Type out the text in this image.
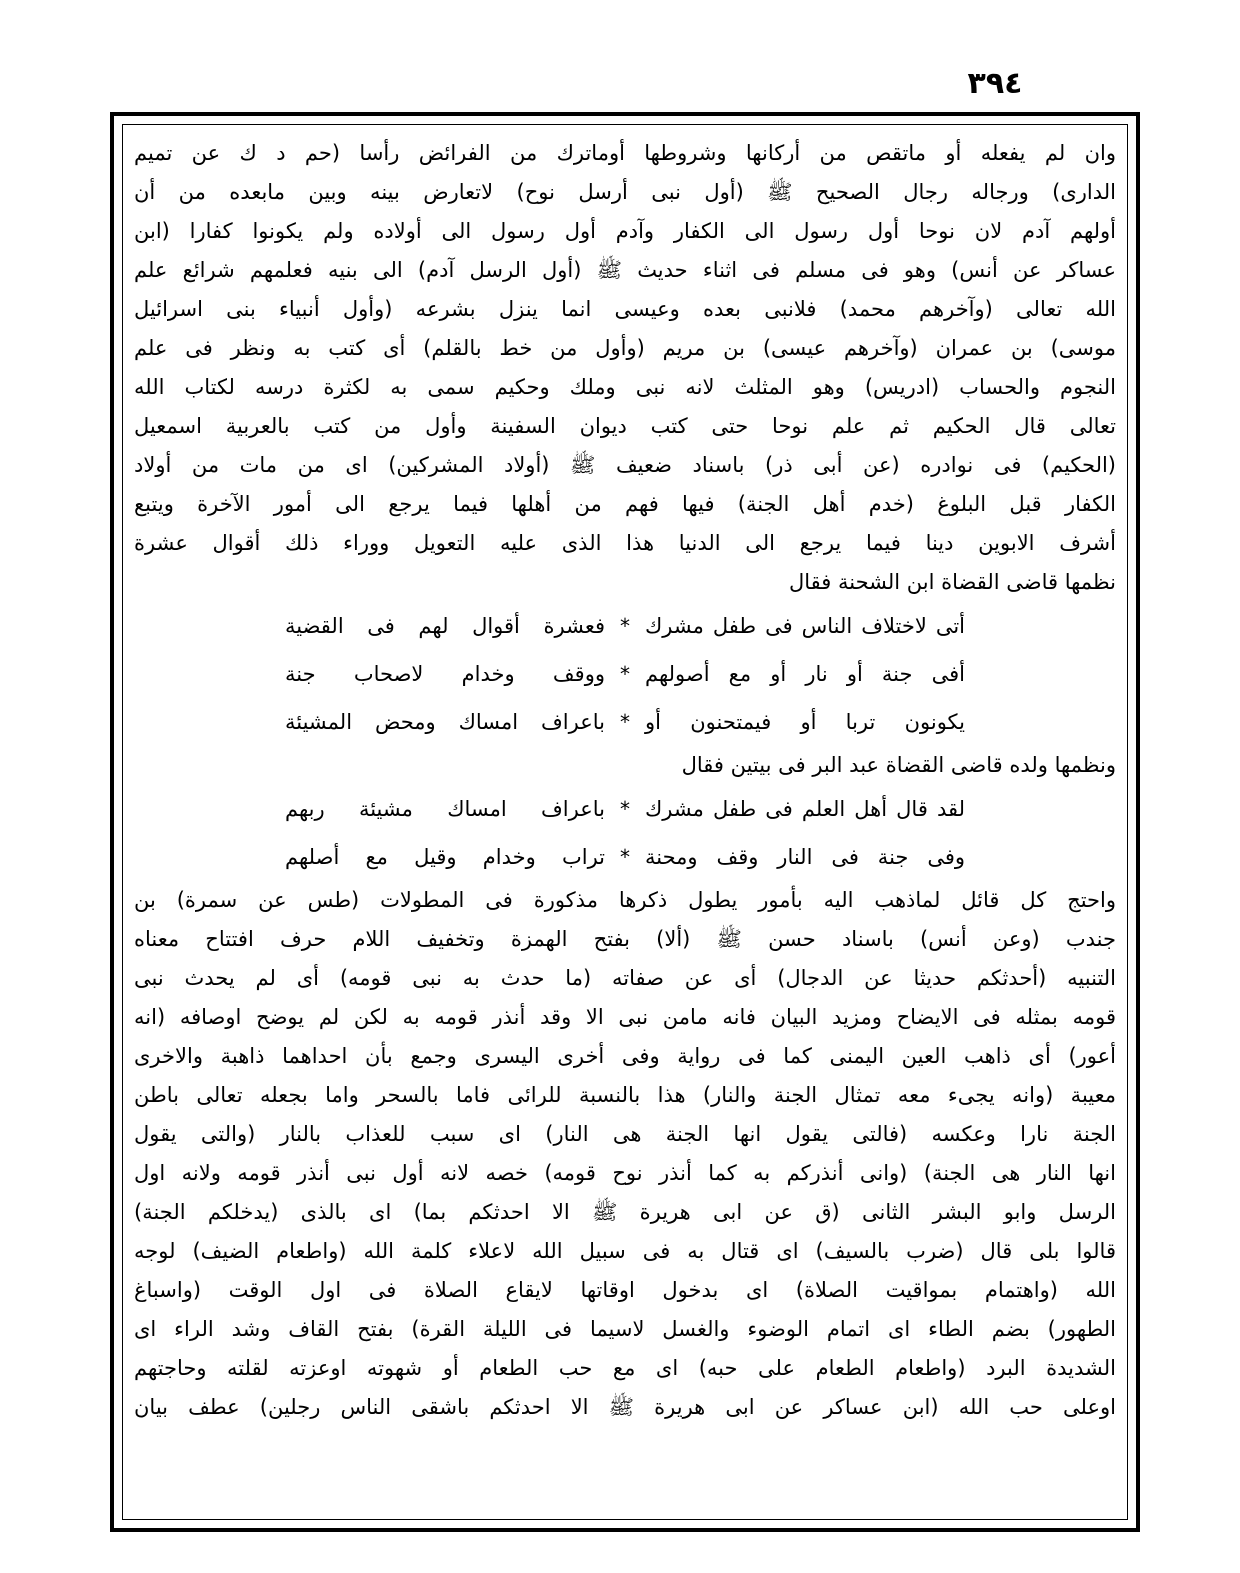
٣٩٤
وان لم يفعله أو ماتقص من أركانها وشروطها أوماترك من الفرائض رأسا (حم د ك عن تميم
الدارى) ورجاله رجال الصحيح ﷺ (أول نبى أرسل نوح) لاتعارض بينه وبين مابعده من أن
أولهم آدم لان نوحا أول رسول الى الكفار وآدم أول رسول الى أولاده ولم يكونوا كفارا (ابن
عساكر عن أنس) وهو فى مسلم فى اثناء حديث ﷺ (أول الرسل آدم) الى بنيه فعلمهم شرائع علم
الله تعالى (وآخرهم محمد) فلانبى بعده وعيسى انما ينزل بشرعه (وأول أنبياء بنى اسرائيل
موسى) بن عمران (وآخرهم عيسى) بن مريم (وأول من خط بالقلم) أى كتب به ونظر فى علم
النجوم والحساب (ادريس) وهو المثلث لانه نبى وملك وحكيم سمى به لكثرة درسه لكتاب الله
تعالى قال الحكيم ثم علم نوحا حتى كتب ديوان السفينة وأول من كتب بالعربية اسمعيل
(الحكيم) فى نوادره (عن أبى ذر) باسناد ضعيف ﷺ (أولاد المشركين) اى من مات من أولاد
الكفار قبل البلوغ (خدم أهل الجنة) فيها فهم من أهلها فيما يرجع الى أمور الآخرة ويتبع
أشرف الابوين دينا فيما يرجع الى الدنيا هذا الذى عليه التعويل ووراء ذلك أقوال عشرة
نظمها قاضى القضاة ابن الشحنة فقال
أتى لاختلاف الناس فى طفل مشرك
*
فعشرة أقوال لهم فى القضية
أفى جنة أو نار أو مع أصولهم
*
ووقف وخدام لاصحاب جنة
يكونون تربا أو فيمتحنون أو
*
باعراف امساك ومحض المشيئة
ونظمها ولده قاضى القضاة عبد البر فى بيتين فقال
لقد قال أهل العلم فى طفل مشرك
*
باعراف امساك مشيئة ربهم
وفى جنة فى النار وقف ومحنة
*
تراب وخدام وقيل مع أصلهم
واحتج كل قائل لماذهب اليه بأمور يطول ذكرها مذكورة فى المطولات (طس عن سمرة) بن
جندب (وعن أنس) باسناد حسن ﷺ (ألا) بفتح الهمزة وتخفيف اللام حرف افتتاح معناه
التنبيه (أحدثكم حديثا عن الدجال) أى عن صفاته (ما حدث به نبى قومه) أى لم يحدث نبى
قومه بمثله فى الايضاح ومزيد البيان فانه مامن نبى الا وقد أنذر قومه به لكن لم يوضح اوصافه (انه
أعور) أى ذاهب العين اليمنى كما فى رواية وفى أخرى اليسرى وجمع بأن احداهما ذاهبة والاخرى
معيبة (وانه يجىء معه تمثال الجنة والنار) هذا بالنسبة للرائى فاما بالسحر واما بجعله تعالى باطن
الجنة نارا وعكسه (فالتى يقول انها الجنة هى النار) اى سبب للعذاب بالنار (والتى يقول
انها النار هى الجنة) (وانى أنذركم به كما أنذر نوح قومه) خصه لانه أول نبى أنذر قومه ولانه اول
الرسل وابو البشر الثانى (ق عن ابى هريرة ﷺ الا احدثكم بما) اى بالذى (يدخلكم الجنة)
قالوا بلى قال (ضرب بالسيف) اى قتال به فى سبيل الله لاعلاء كلمة الله (واطعام الضيف) لوجه
الله (واهتمام بمواقيت الصلاة) اى بدخول اوقاتها لايقاع الصلاة فى اول الوقت (واسباغ
الطهور) بضم الطاء اى اتمام الوضوء والغسل لاسيما فى الليلة القرة) بفتح القاف وشد الراء اى
الشديدة البرد (واطعام الطعام على حبه) اى مع حب الطعام أو شهوته اوعزته لقلته وحاجتهم
اوعلى حب الله (ابن عساكر عن ابى هريرة ﷺ الا احدثكم باشقى الناس رجلين) عطف بيان
